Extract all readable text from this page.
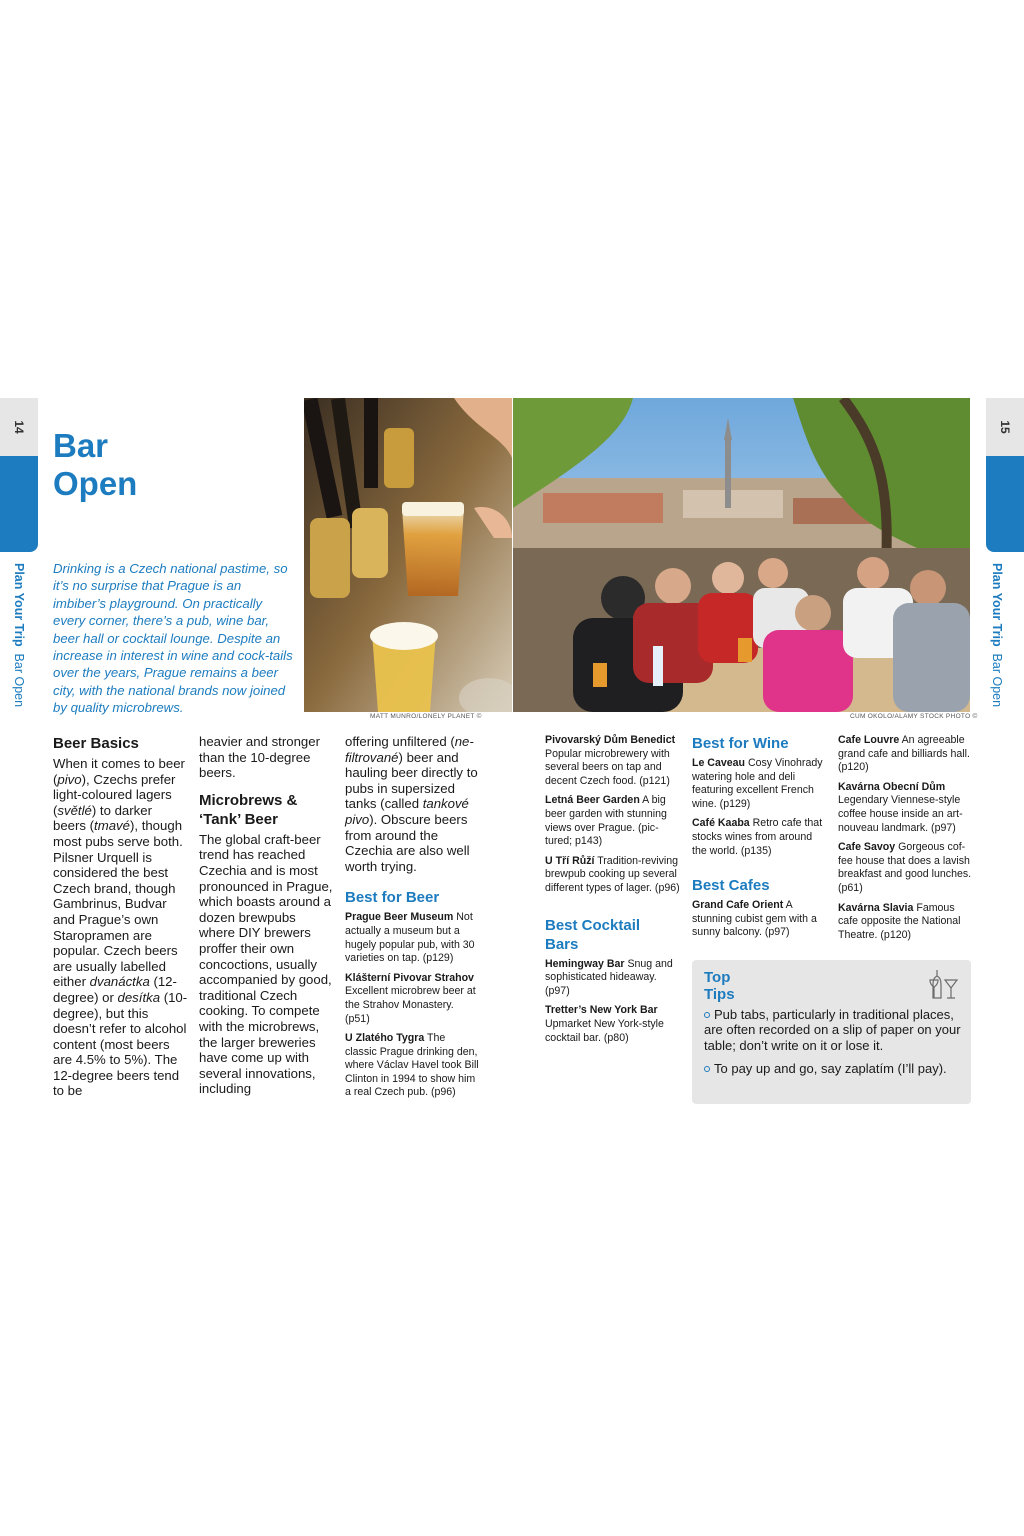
14
Plan Your Trip  Bar Open
15
Plan Your Trip  Bar Open
Bar
Open
Drinking is a Czech national pastime, so it’s no surprise that Prague is an imbiber’s playground. On practically every corner, there’s a pub, wine bar, beer hall or cocktail lounge. Despite an increase in interest in wine and cock-tails over the years, Prague remains a beer city, with the national brands now joined by quality microbrews.
MATT MUNRO/LONELY PLANET ©	CUM OKOLO/ALAMY STOCK PHOTO ©
Beer Basics
When it comes to beer (pivo), Czechs prefer light-coloured lagers (světlé) to darker beers (tmavé), though most pubs serve both. Pilsner Urquell is considered the best Czech brand, though Gambrinus, Budvar and Prague’s own Staropramen are popular. Czech beers are usually labelled either dvanáctka (12-degree) or desítka (10-degree), but this doesn’t refer to alcohol content (most beers are 4.5% to 5%). The 12-degree beers tend to be
heavier and stronger than the 10-degree beers.
Microbrews &
‘Tank’ Beer
The global craft-beer trend has reached Czechia and is most pronounced in Prague, which boasts around a dozen brewpubs where DIY brewers proffer their own concoctions, usually accompanied by good, traditional Czech cooking. To compete with the microbrews, the larger breweries have come up with several innovations, including
offering unfiltered (ne-filtrované) beer and hauling beer directly to pubs in supersized tanks (called tankové pivo). Obscure beers from around the Czechia are also well worth trying.
Best for Beer
Prague Beer Museum Not actually a museum but a hugely popular pub, with 30 varieties on tap. (p129)
Klášterní Pivovar Strahov Excellent microbrew beer at the Strahov Monastery. (p51)
U Zlatého Tygra The classic Prague drinking den, where Václav Havel took Bill Clinton in 1994 to show him a real Czech pub. (p96)
Pivovarský Dům Benedict Popular microbrewery with several beers on tap and decent Czech food. (p121)
Letná Beer Garden A big beer garden with stunning views over Prague. (pic-tured; p143)
U Tří Růží Tradition-reviving brewpub cooking up several different types of lager. (p96)
Best Cocktail
Bars
Hemingway Bar Snug and sophisticated hideaway. (p97)
Tretter’s New York Bar Upmarket New York-style cocktail bar. (p80)
Best for Wine
Le Caveau Cosy Vinohrady watering hole and deli featuring excellent French wine. (p129)
Café Kaaba Retro cafe that stocks wines from around the world. (p135)
Best Cafes
Grand Cafe Orient A stunning cubist gem with a sunny balcony. (p97)
Cafe Louvre An agreeable grand cafe and billiards hall. (p120)
Kavárna Obecní Dům Legendary Viennese-style coffee house inside an art-nouveau landmark. (p97)
Cafe Savoy Gorgeous cof-fee house that does a lavish breakfast and good lunches. (p61)
Kavárna Slavia Famous cafe opposite the National Theatre. (p120)
Top
Tips
Pub tabs, particularly in traditional places, are often recorded on a slip of paper on your table; don’t write on it or lose it.
To pay up and go, say zaplatím (I’ll pay).
